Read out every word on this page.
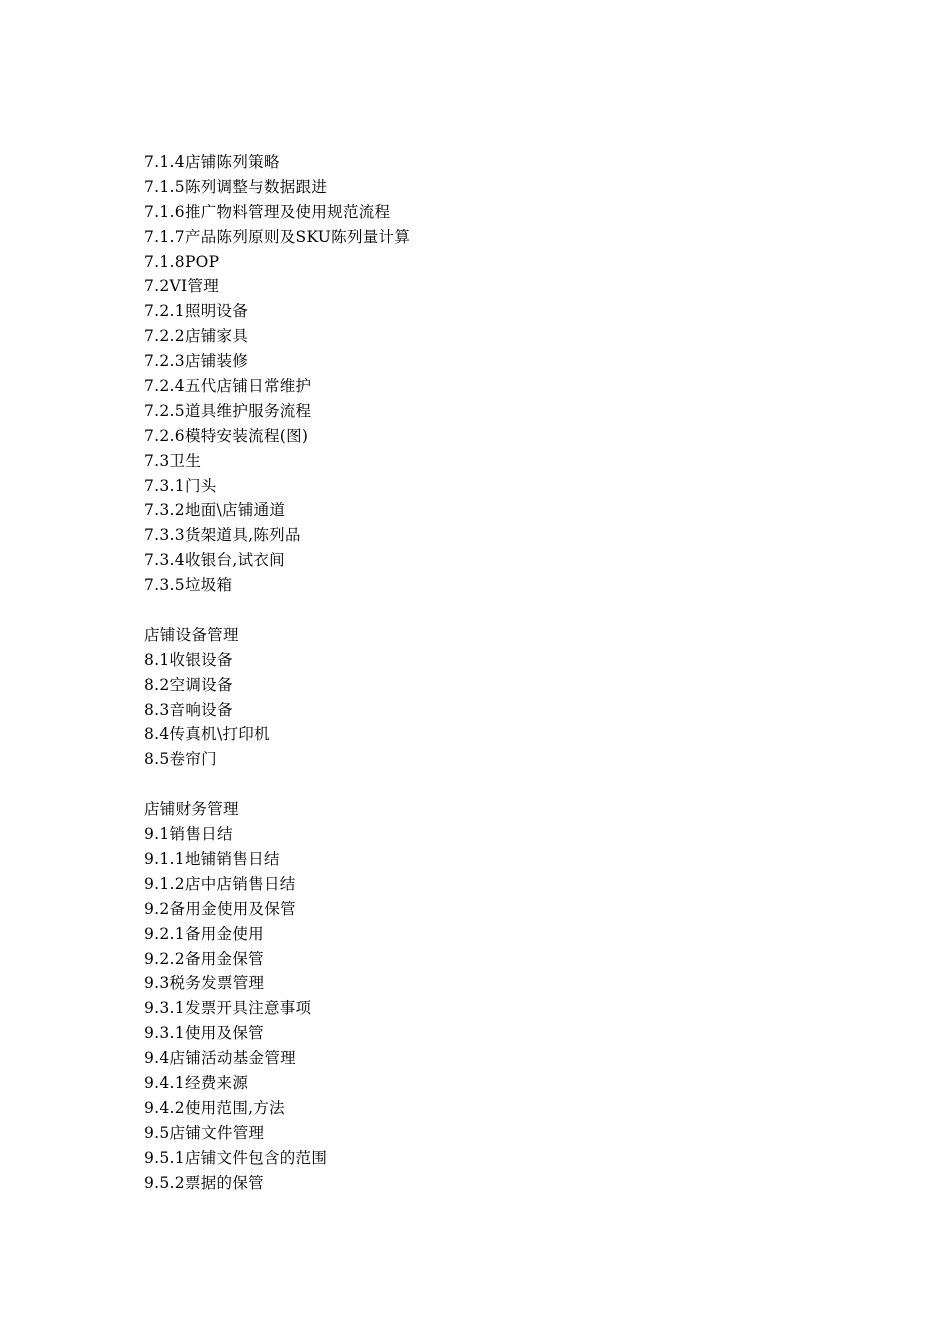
7.1.4店铺陈列策略
7.1.5陈列调整与数据跟进
7.1.6推广物料管理及使用规范流程
7.1.7产品陈列原则及SKU陈列量计算
7.1.8POP
7.2VI管理
7.2.1照明设备
7.2.2店铺家具
7.2.3店铺装修
7.2.4五代店铺日常维护
7.2.5道具维护服务流程
7.2.6模特安装流程(图)
7.3卫生
7.3.1门头
7.3.2地面\店铺通道
7.3.3货架道具,陈列品
7.3.4收银台,试衣间
7.3.5垃圾箱
店铺设备管理
8.1收银设备
8.2空调设备
8.3音响设备
8.4传真机\打印机
8.5卷帘门
店铺财务管理
9.1销售日结
9.1.1地铺销售日结
9.1.2店中店销售日结
9.2备用金使用及保管
9.2.1备用金使用
9.2.2备用金保管
9.3税务发票管理
9.3.1发票开具注意事项
9.3.1使用及保管
9.4店铺活动基金管理
9.4.1经费来源
9.4.2使用范围,方法
9.5店铺文件管理
9.5.1店铺文件包含的范围
9.5.2票据的保管
